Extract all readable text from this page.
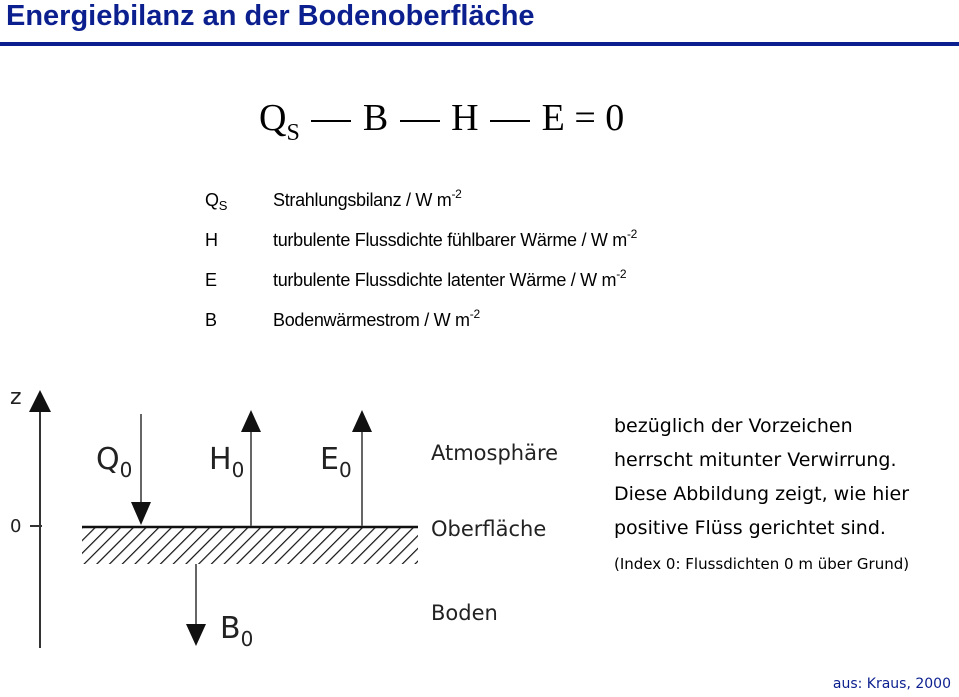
Energiebilanz an der Bodenoberfläche
$Q_S$ B H E = 0
$Q_S$	Strahlungsbilanz / W $m^{-2}$
H	turbulente Flussdichte fühlbarer Wärme / W $m^{-2}$
E	turbulente Flussdichte latenter Wärme / W $m^{-2}$
B	Bodenwärmestrom / W $m^{-2}$
z
0
$Q_0$	$H_0$	$E_0$
$B_0$
Atmosphäre
Oberfläche
Boden
bezüglich der Vorzeichen
herrscht mitunter Verwirrung.
Diese Abbildung zeigt, wie hier
positive Flüss gerichtet sind.
(Index 0: Flussdichten 0 m über Grund)
aus: Kraus, 2000
